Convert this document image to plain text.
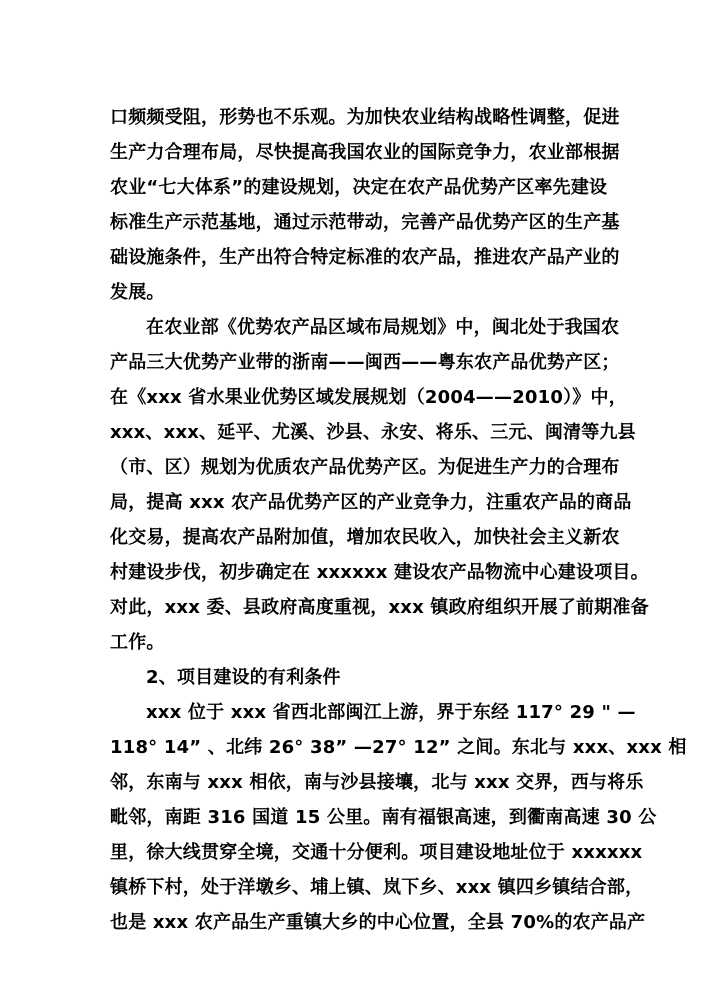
口频频受阻，形势也不乐观。为加快农业结构战略性调整，促进
生产力合理布局，尽快提高我国农业的国际竞争力，农业部根据
农业“七大体系”的建设规划，决定在农产品优势产区率先建设
标准生产示范基地，通过示范带动，完善产品优势产区的生产基
础设施条件，生产出符合特定标准的农产品，推进农产品产业的
发展。
在农业部《优势农产品区域布局规划》中，闽北处于我国农
产品三大优势产业带的浙南——闽西——粤东农产品优势产区；
在《xxx 省水果业优势区域发展规划（2004——2010）》中，
xxx、xxx、延平、尤溪、沙县、永安、将乐、三元、闽清等九县
（市、区）规划为优质农产品优势产区。为促进生产力的合理布
局，提高 xxx 农产品优势产区的产业竞争力，注重农产品的商品
化交易，提高农产品附加值，增加农民收入，加快社会主义新农
村建设步伐，初步确定在 xxxxxx 建设农产品物流中心建设项目。
对此，xxx 委、县政府高度重视，xxx 镇政府组织开展了前期准备
工作。
2、项目建设的有利条件
xxx 位于 xxx 省西北部闽江上游，界于东经 117° 29 " —
118° 14” 、北纬 26° 38” —27° 12” 之间。东北与 xxx、xxx 相
邻，东南与 xxx 相依，南与沙县接壤，北与 xxx 交界，西与将乐
毗邻，南距 316 国道 15 公里。南有福银高速，到衢南高速 30 公
里，徐大线贯穿全境，交通十分便利。项目建设地址位于 xxxxxx
镇桥下村，处于洋墩乡、埔上镇、岚下乡、xxx 镇四乡镇结合部，
也是 xxx 农产品生产重镇大乡的中心位置，全县 70%的农产品产
